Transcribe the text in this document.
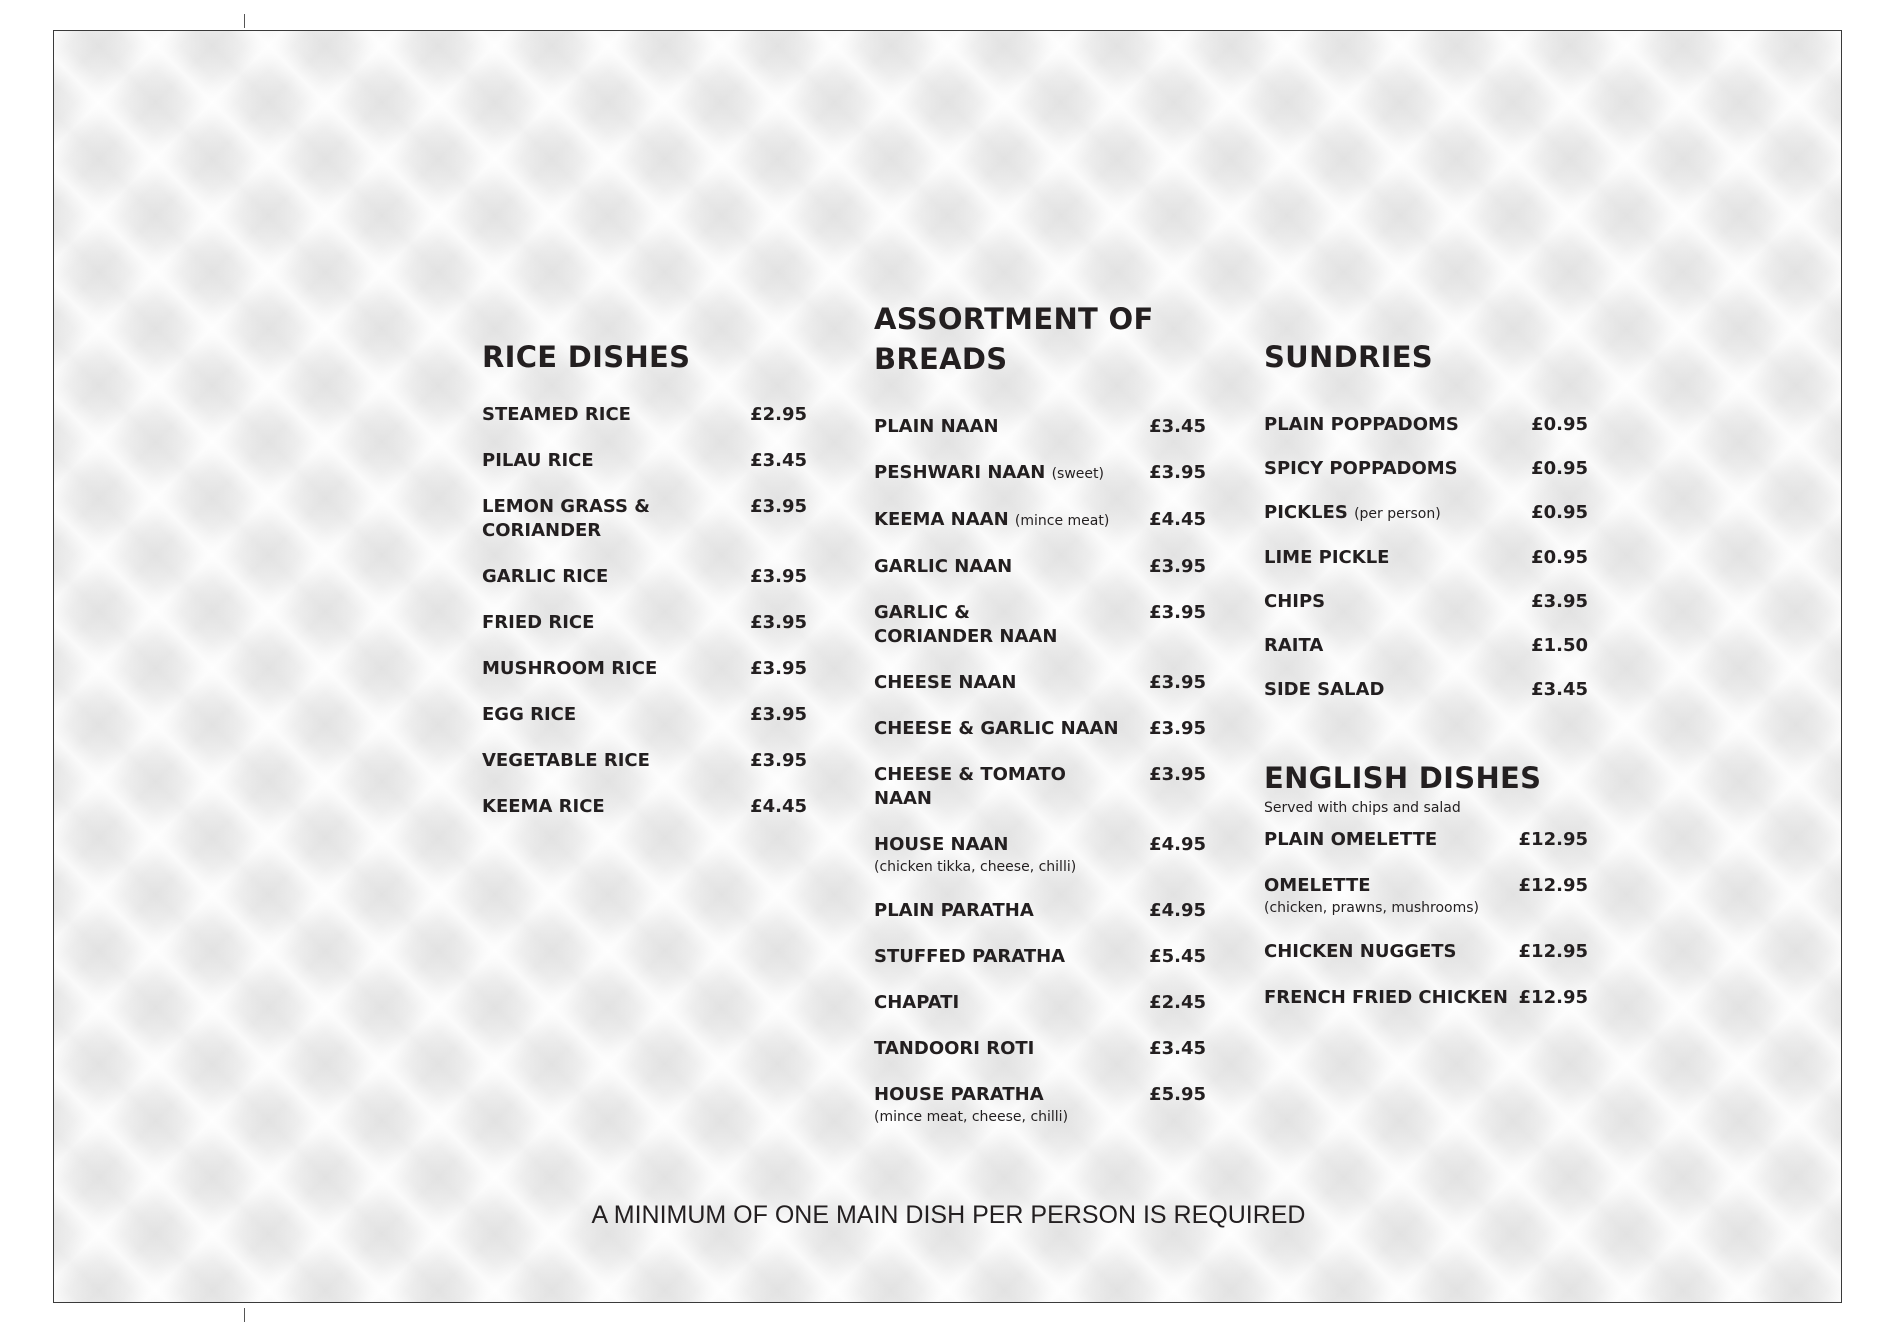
RICE DISHES
STEAMED RICE	£2.95
PILAU RICE	£3.45
LEMON GRASS & CORIANDER
£3.95
GARLIC RICE	£3.95
FRIED RICE	£3.95
MUSHROOM RICE	£3.95
EGG RICE	£3.95
VEGETABLE RICE	£3.95
KEEMA RICE	£4.45
ASSORTMENT OF
BREADS
PLAIN NAAN	£3.45
PESHWARI NAAN (sweet)	£3.95
KEEMA NAAN (mince meat)	£4.45
GARLIC NAAN	£3.95
GARLIC &
CORIANDER NAAN
£3.95
CHEESE NAAN	£3.95
CHEESE & GARLIC NAAN	£3.95
CHEESE & TOMATO NAAN
£3.95
HOUSE NAAN
(chicken tikka, cheese, chilli)
£4.95
PLAIN PARATHA	£4.95
STUFFED PARATHA	£5.45
CHAPATI	£2.45
TANDOORI ROTI	£3.45
HOUSE PARATHA
(mince meat, cheese, chilli)
£5.95
SUNDRIES
PLAIN POPPADOMS	£0.95
SPICY POPPADOMS	£0.95
PICKLES (per person)	£0.95
LIME PICKLE	£0.95
CHIPS	£3.95
RAITA	£1.50
SIDE SALAD	£3.45
ENGLISH DISHES
Served with chips and salad
PLAIN OMELETTE	£12.95
OMELETTE
(chicken, prawns, mushrooms)
£12.95
CHICKEN NUGGETS	£12.95
FRENCH FRIED CHICKEN £12.95
A MINIMUM OF ONE MAIN DISH PER PERSON IS REQUIRED
